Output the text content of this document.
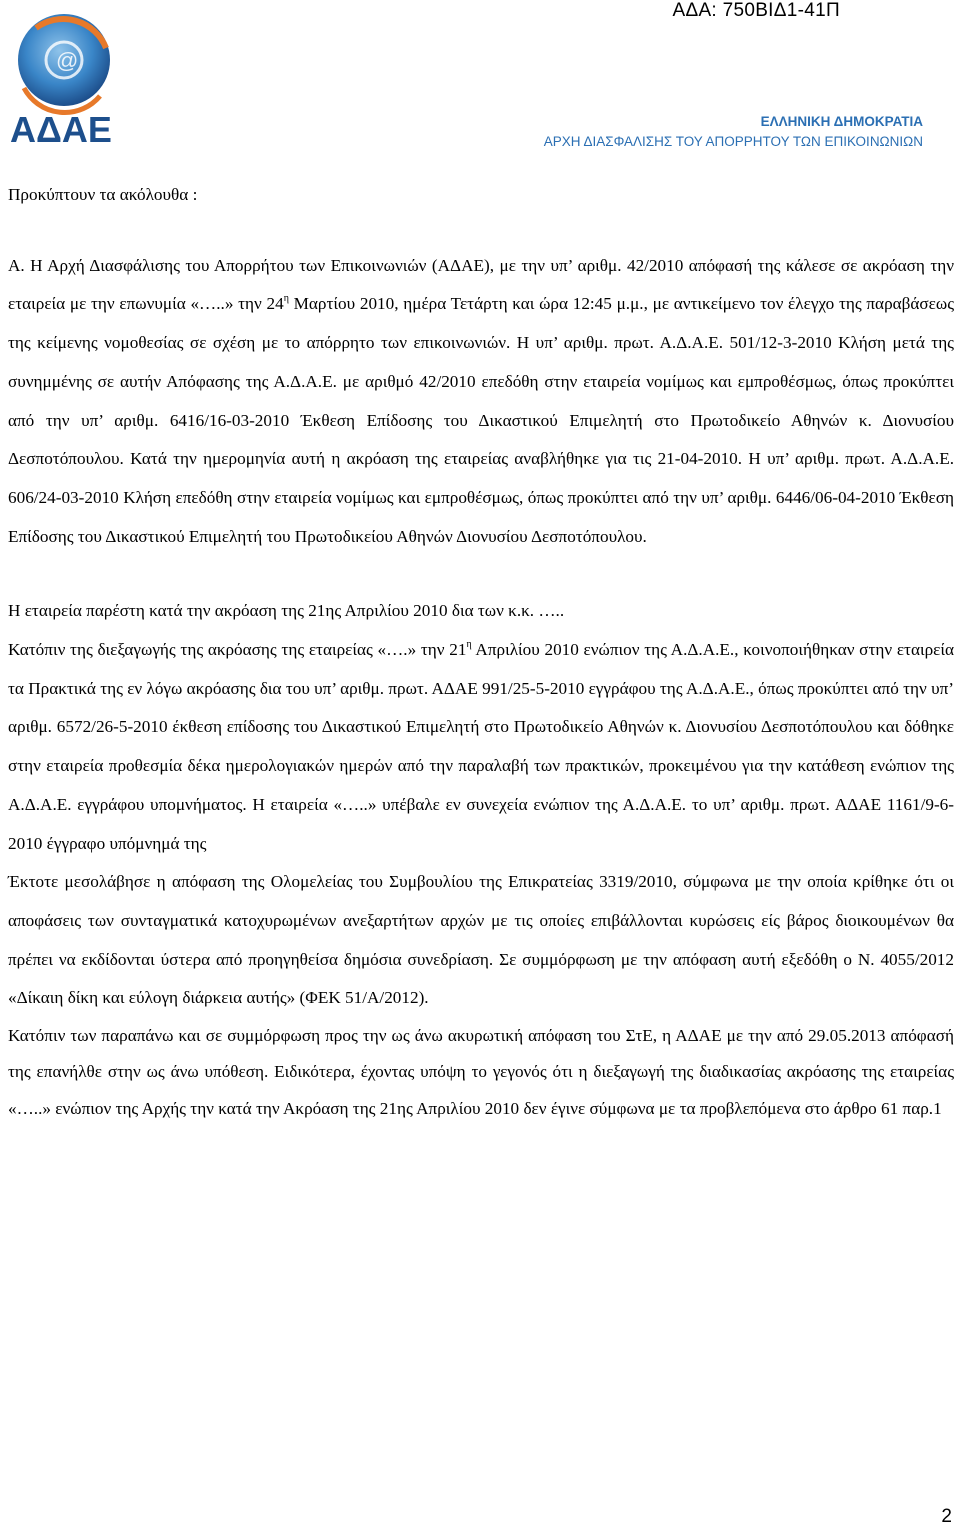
ΑΔΑ: 750ΒΙΔ1-41Π
@
ΑΔΑΕ	ΕΛΛΗΝΙΚΗ ΔΗΜΟΚΡΑΤΙΑ
ΑΡΧΗ ΔΙΑΣΦΑΛΙΣΗΣ ΤΟΥ ΑΠΟΡΡΗΤΟΥ ΤΩΝ ΕΠΙΚΟΙΝΩΝΙΩΝ

Προκύπτουν τα ακόλουθα :

A. Η Αρχή Διασφάλισης του Απορρήτου των Επικοινωνιών (ΑΔΑΕ), με την υπ’ αριθμ. 42/2010 απόφασή της κάλεσε σε ακρόαση την εταιρεία με την επωνυμία «…..» την $24^\eta$ Μαρτίου 2010, ημέρα Τετάρτη και ώρα 12:45 μ.μ., με αντικείμενο τον έλεγχο της παραβάσεως της κείμενης νομοθεσίας σε σχέση με το απόρρητο των επικοινωνιών. Η υπ’ αριθμ. πρωτ. Α.Δ.Α.Ε. 501/12-3-2010 Κλήση μετά της συνημμένης σε αυτήν Απόφασης της Α.Δ.Α.Ε. με αριθμό 42/2010 επεδόθη στην εταιρεία νομίμως και εμπροθέσμως, όπως προκύπτει από την υπ’ αριθμ. 6416/16-03-2010 Έκθεση Επίδοσης του Δικαστικού Επιμελητή στο Πρωτοδικείο Αθηνών κ. Διονυσίου Δεσποτόπουλου. Κατά την ημερομηνία αυτή η ακρόαση της εταιρείας αναβλήθηκε για τις 21-04-2010. Η υπ’ αριθμ. πρωτ. Α.Δ.Α.Ε. 606/24-03-2010 Κλήση επεδόθη στην εταιρεία νομίμως και εμπροθέσμως, όπως προκύπτει από την υπ’ αριθμ. 6446/06-04-2010 Έκθεση Επίδοσης του Δικαστικού Επιμελητή του Πρωτοδικείου Αθηνών Διονυσίου Δεσποτόπουλου.

Η εταιρεία παρέστη κατά την ακρόαση της 21ης Απριλίου 2010 δια των κ.κ. …..

Κατόπιν της διεξαγωγής της ακρόασης της εταιρείας «….» την $21^\eta$ Απριλίου 2010 ενώπιον της Α.Δ.Α.Ε., κοινοποιήθηκαν στην εταιρεία τα Πρακτικά της εν λόγω ακρόασης δια του υπ’ αριθμ. πρωτ. ΑΔΑΕ 991/25-5-2010 εγγράφου της Α.Δ.Α.Ε., όπως προκύπτει από την υπ’ αριθμ. 6572/26-5-2010 έκθεση επίδοσης του Δικαστικού Επιμελητή στο Πρωτοδικείο Αθηνών κ. Διονυσίου Δεσποτόπουλου και δόθηκε στην εταιρεία προθεσμία δέκα ημερολογιακών ημερών από την παραλαβή των πρακτικών, προκειμένου για την κατάθεση ενώπιον της Α.Δ.Α.Ε. εγγράφου υπομνήματος. Η εταιρεία «…..» υπέβαλε εν συνεχεία ενώπιον της Α.Δ.Α.Ε. το υπ’ αριθμ. πρωτ. ΑΔΑΕ 1161/9-6-2010 έγγραφο υπόμνημά της

Έκτοτε μεσολάβησε η απόφαση της Ολομελείας του Συμβουλίου της Επικρατείας 3319/2010, σύμφωνα με την οποία κρίθηκε ότι οι αποφάσεις των συνταγματικά κατοχυρωμένων ανεξαρτήτων αρχών με τις οποίες επιβάλλονται κυρώσεις είς βάρος διοικουμένων θα πρέπει να εκδίδονται ύστερα από προηγηθείσα δημόσια συνεδρίαση. Σε συμμόρφωση με την απόφαση αυτή εξεδόθη ο Ν. 4055/2012 «Δίκαιη δίκη και εύλογη διάρκεια αυτής» (ΦΕΚ 51/Α/2012).

Κατόπιν των παραπάνω και σε συμμόρφωση προς την ως άνω ακυρωτική απόφαση του ΣτΕ, η ΑΔΑΕ με την από 29.05.2013 απόφασή της επανήλθε στην ως άνω υπόθεση. Ειδικότερα, έχοντας υπόψη το γεγονός ότι η διεξαγωγή της διαδικασίας ακρόασης της εταιρείας «…..» ενώπιον της Αρχής την κατά την Ακρόαση της 21ης Απριλίου 2010 δεν έγινε σύμφωνα με τα προβλεπόμενα στο άρθρο 61 παρ.1

2
